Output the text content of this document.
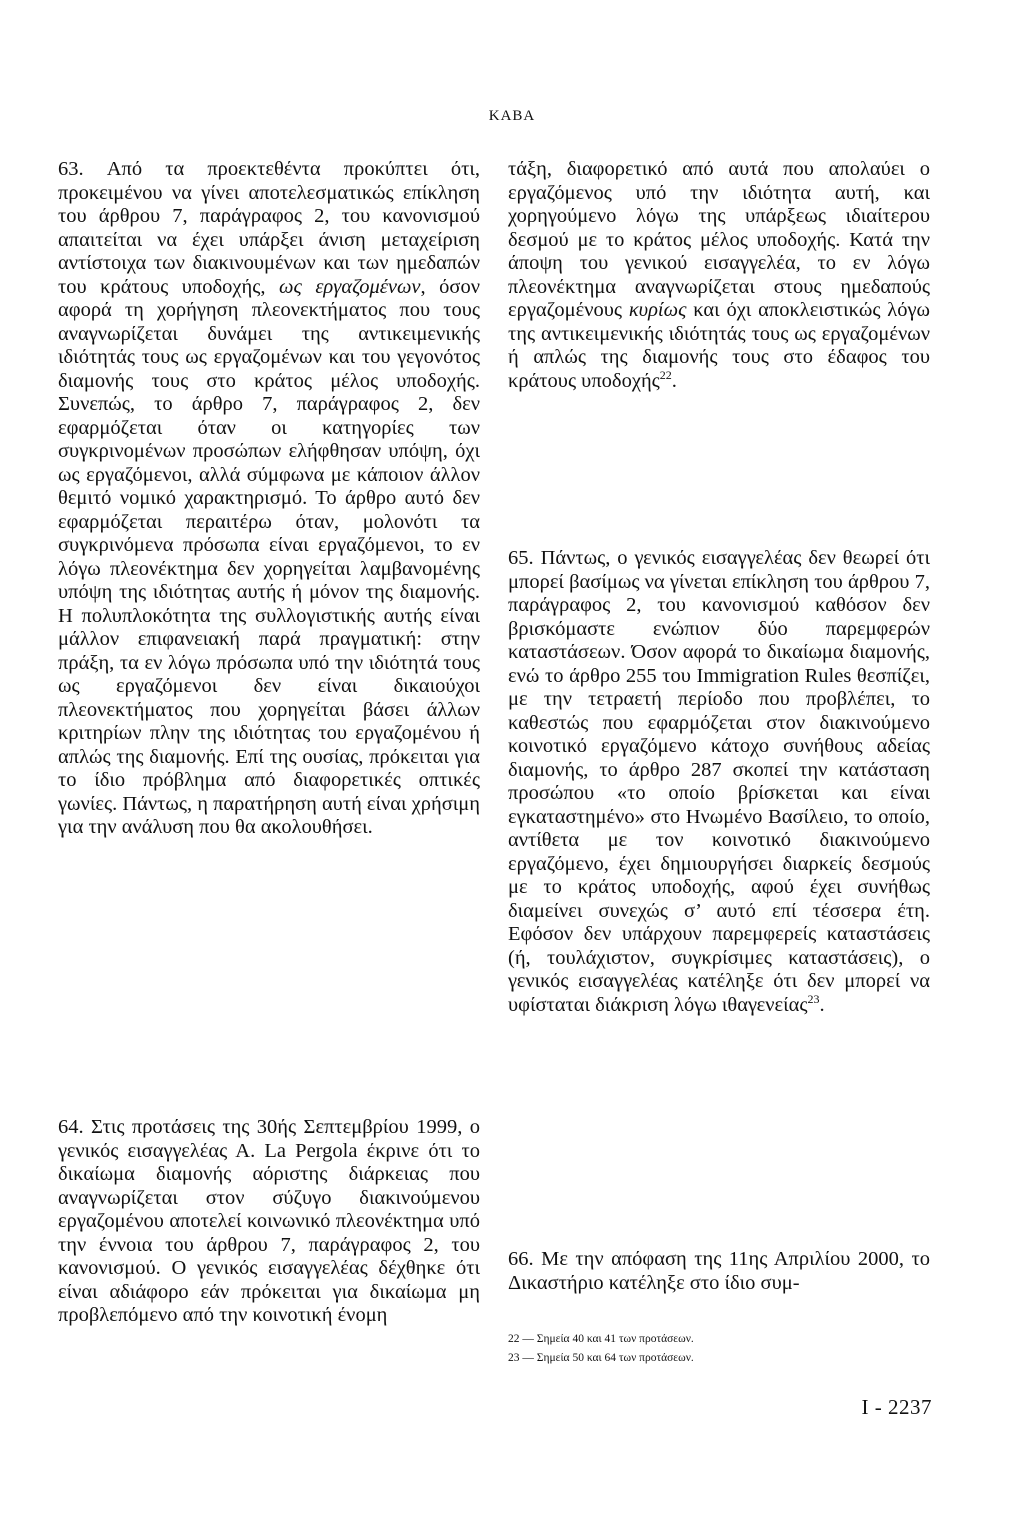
ΚΑΒΑ
63. Από τα προεκτεθέντα προκύπτει ότι, προκειμένου να γίνει αποτελεσματικώς επίκληση του άρθρου 7, παράγραφος 2, του κανονισμού απαιτείται να έχει υπάρξει άνιση μεταχείριση αντίστοιχα των διακινουμένων και των ημεδαπών του κράτους υποδοχής, ως εργαζομένων, όσον αφορά τη χορήγηση πλεονεκτήματος που τους αναγνωρίζεται δυνάμει της αντικειμενικής ιδιότητάς τους ως εργαζομένων και του γεγονότος διαμονής τους στο κράτος μέλος υποδοχής. Συνεπώς, το άρθρο 7, παράγραφος 2, δεν εφαρμόζεται όταν οι κατηγορίες των συγκρινομένων προσώπων ελήφθησαν υπόψη, όχι ως εργαζόμενοι, αλλά σύμφωνα με κάποιον άλλον θεμιτό νομικό χαρακτηρισμό. Το άρθρο αυτό δεν εφαρμόζεται περαιτέρω όταν, μολονότι τα συγκρινόμενα πρόσωπα είναι εργαζόμενοι, το εν λόγω πλεονέκτημα δεν χορηγείται λαμβανομένης υπόψη της ιδιότητας αυτής ή μόνον της διαμονής. Η πολυπλοκότητα της συλλογιστικής αυτής είναι μάλλον επιφανειακή παρά πραγματική: στην πράξη, τα εν λόγω πρόσωπα υπό την ιδιότητά τους ως εργαζόμενοι δεν είναι δικαιούχοι πλεονεκτήματος που χορηγείται βάσει άλλων κριτηρίων πλην της ιδιότητας του εργαζομένου ή απλώς της διαμονής. Επί της ουσίας, πρόκειται για το ίδιο πρόβλημα από διαφορετικές οπτικές γωνίες. Πάντως, η παρατήρηση αυτή είναι χρήσιμη για την ανάλυση που θα ακολουθήσει.
64. Στις προτάσεις της 30ής Σεπτεμβρίου 1999, ο γενικός εισαγγελέας Α. La Pergola έκρινε ότι το δικαίωμα διαμονής αόριστης διάρκειας που αναγνωρίζεται στον σύζυγο διακινούμενου εργαζομένου αποτελεί κοινωνικό πλεονέκτημα υπό την έννοια του άρθρου 7, παράγραφος 2, του κανονισμού. Ο γενικός εισαγγελέας δέχθηκε ότι είναι αδιάφορο εάν πρόκειται για δικαίωμα μη προβλεπόμενο από την κοινοτική ένομη
τάξη, διαφορετικό από αυτά που απολαύει ο εργαζόμενος υπό την ιδιότητα αυτή, και χορηγούμενο λόγω της υπάρξεως ιδιαίτερου δεσμού με το κράτος μέλος υποδοχής. Κατά την άποψη του γενικού εισαγγελέα, το εν λόγω πλεονέκτημα αναγνωρίζεται στους ημεδαπούς εργαζομένους κυρίως και όχι αποκλειστικώς λόγω της αντικειμενικής ιδιότητάς τους ως εργαζομένων ή απλώς της διαμονής τους στο έδαφος του κράτους υποδοχής$^{22}$.
65. Πάντως, ο γενικός εισαγγελέας δεν θεωρεί ότι μπορεί βασίμως να γίνεται επίκληση του άρθρου 7, παράγραφος 2, του κανονισμού καθόσον δεν βρισκόμαστε ενώπιον δύο παρεμφερών καταστάσεων. Όσον αφορά το δικαίωμα διαμονής, ενώ το άρθρο 255 του Immigration Rules θεσπίζει, με την τετραετή περίοδο που προβλέπει, το καθεστώς που εφαρμόζεται στον διακινούμενο κοινοτικό εργαζόμενο κάτοχο συνήθους αδείας διαμονής, το άρθρο 287 σκοπεί την κατάσταση προσώπου «το οποίο βρίσκεται και είναι εγκαταστημένο» στο Ηνωμένο Βασίλειο, το οποίο, αντίθετα με τον κοινοτικό διακινούμενο εργαζόμενο, έχει δημιουργήσει διαρκείς δεσμούς με το κράτος υποδοχής, αφού έχει συνήθως διαμείνει συνεχώς σ’ αυτό επί τέσσερα έτη. Εφόσον δεν υπάρχουν παρεμφερείς καταστάσεις (ή, τουλάχιστον, συγκρίσιμες καταστάσεις), ο γενικός εισαγγελέας κατέληξε ότι δεν μπορεί να υφίσταται διάκριση λόγω ιθαγενείας$^{23}$.
66. Με την απόφαση της 11ης Απριλίου 2000, το Δικαστήριο κατέληξε στο ίδιο συμ-
22 — Σημεία 40 και 41 των προτάσεων.
23 — Σημεία 50 και 64 των προτάσεων.
I - 2237
